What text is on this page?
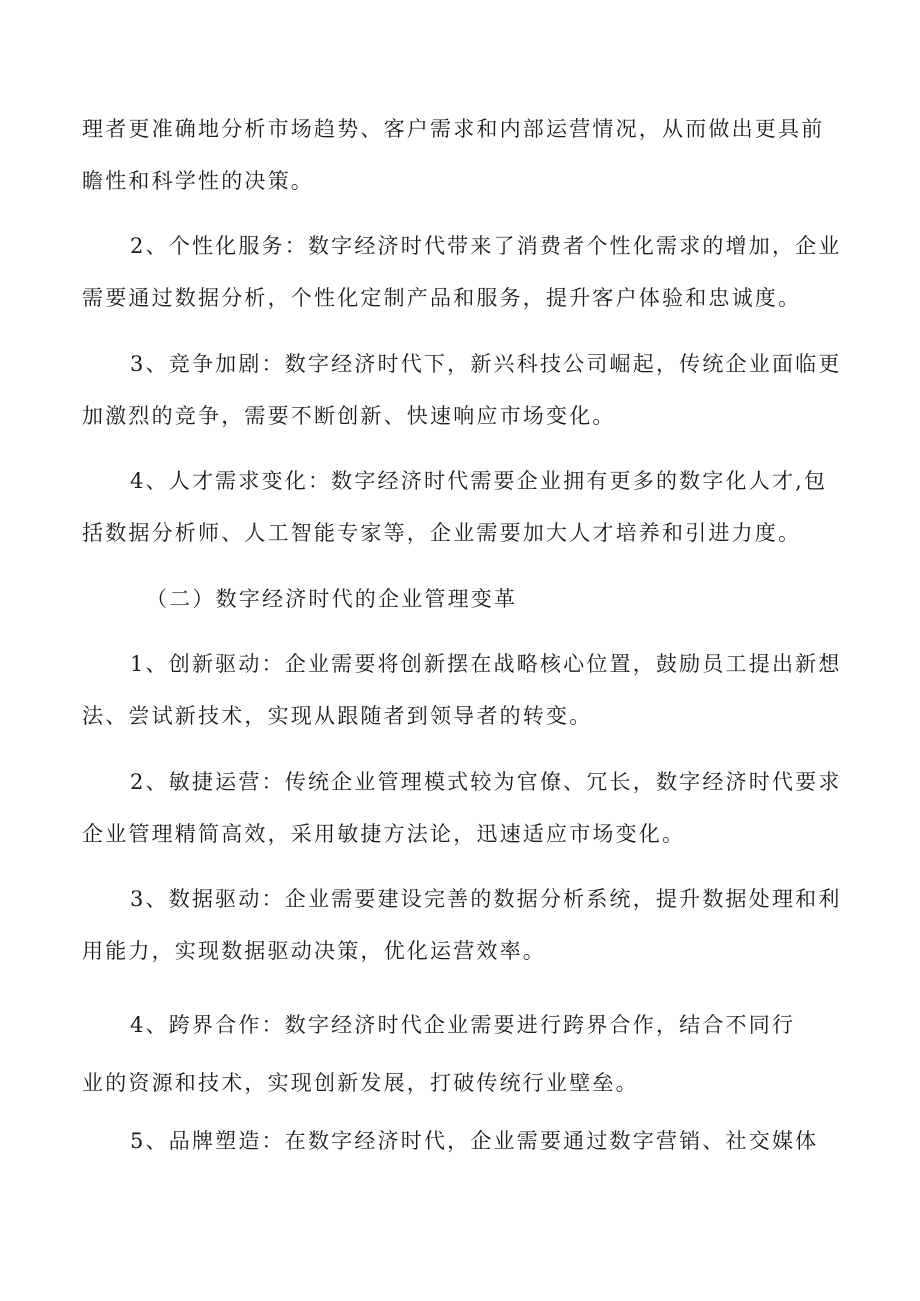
理者更准确地分析市场趋势、客户需求和内部运营情况，从而做出更具前
瞻性和科学性的决策。
2、个性化服务：数字经济时代带来了消费者个性化需求的增加，企业
需要通过数据分析，个性化定制产品和服务，提升客户体验和忠诚度。
3、竞争加剧：数字经济时代下，新兴科技公司崛起，传统企业面临更
加激烈的竞争，需要不断创新、快速响应市场变化。
4、人才需求变化：数字经济时代需要企业拥有更多的数字化人才,包
括数据分析师、人工智能专家等，企业需要加大人才培养和引进力度。
（二）数字经济时代的企业管理变革
1、创新驱动：企业需要将创新摆在战略核心位置，鼓励员工提出新想
法、尝试新技术，实现从跟随者到领导者的转变。
2、敏捷运营：传统企业管理模式较为官僚、冗长，数字经济时代要求
企业管理精简高效，采用敏捷方法论，迅速适应市场变化。
3、数据驱动：企业需要建设完善的数据分析系统，提升数据处理和利
用能力，实现数据驱动决策，优化运营效率。
4、跨界合作：数字经济时代企业需要进行跨界合作，结合不同行
业的资源和技术，实现创新发展，打破传统行业壁垒。
5、品牌塑造：在数字经济时代，企业需要通过数字营销、社交媒体
